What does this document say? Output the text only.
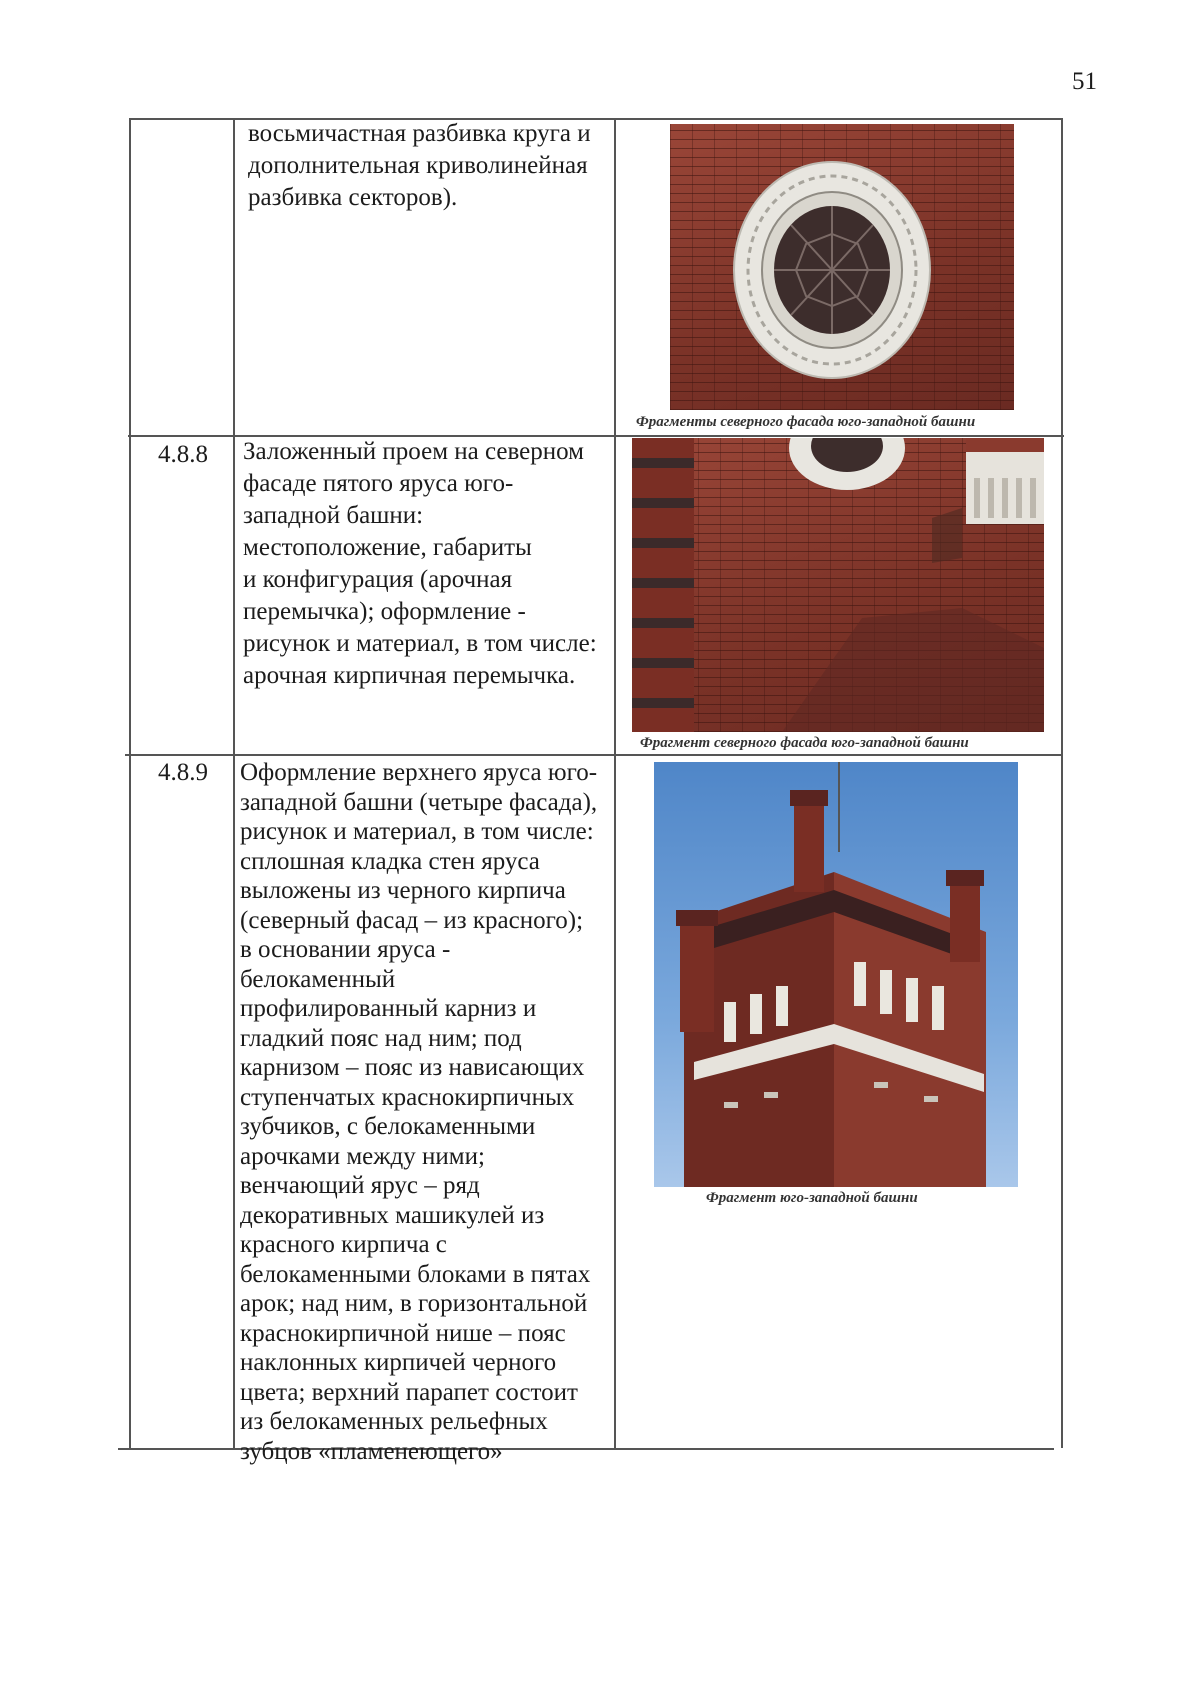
51
восьмичастная разбивка круга и
дополнительная криволинейная
разбивка секторов).
Фрагменты северного фасада юго-западной башни
4.8.8 Заложенный проем на северном
фасаде пятого яруса юго-
западной башни:
местоположение, габариты
и конфигурация (арочная
перемычка); оформление -
рисунок и материал, в том числе:
арочная кирпичная перемычка.
Фрагмент северного фасада юго-западной башни
4.8.9 Оформление верхнего яруса юго-
западной башни (четыре фасада),
рисунок и материал, в том числе:
сплошная кладка стен яруса
выложены из черного кирпича
(северный фасад – из красного);
в основании яруса -
белокаменный
профилированный карниз и
гладкий пояс над ним; под
карнизом – пояс из нависающих
ступенчатых краснокирпичных
зубчиков, с белокаменными
арочками между ними;
венчающий ярус – ряд
декоративных машикулей из
красного кирпича с
белокаменными блоками в пятах
арок; над ним, в горизонтальной
краснокирпичной нише – пояс
наклонных кирпичей черного
цвета; верхний парапет состоит
из белокаменных рельефных
зубцов «пламенеющего»
Фрагмент юго-западной башни
